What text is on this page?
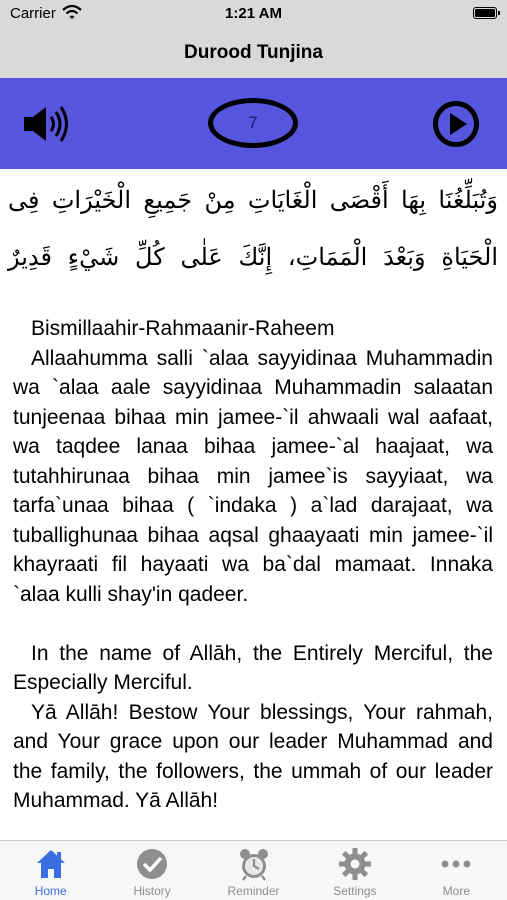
Carrier	1:21 AM
Durood Tunjina
7
وَتُبَلِّغُنَا بِهَا أَقْصَى الْغَايَاتِ مِنْ جَمِيعِ الْخَيْرَاتِ فِى الْحَيَاةِ وَبَعْدَ الْمَمَاتِ، إِنَّكَ عَلٰى كُلِّ شَيْءٍ قَدِيرٌ

Bismillaahir-Rahmaanir-Raheem

Allaahumma salli `alaa sayyidinaa Muhammadin wa `alaa aale sayyidinaa Muhammadin salaatan tunjeenaa bihaa min jamee-`il ahwaali wal aafaat, wa taqdee lanaa bihaa jamee-`al haajaat, wa tutahhirunaa bihaa min jamee`is sayyiaat, wa tarfa`unaa bihaa ( `indaka ) a`lad darajaat, wa tuballighunaa bihaa aqsal ghaayaati min jamee-`il khayraati fil hayaati wa ba`dal mamaat. Innaka `alaa kulli shay'in qadeer.

In the name of Allāh, the Entirely Merciful, the Especially Merciful.

Yā Allāh! Bestow Your blessings, Your rahmah, and Your grace upon our leader Muhammad and the family, the followers, the ummah of our leader Muhammad. Yā Allāh!

Home	History	Reminder	Settings	More
